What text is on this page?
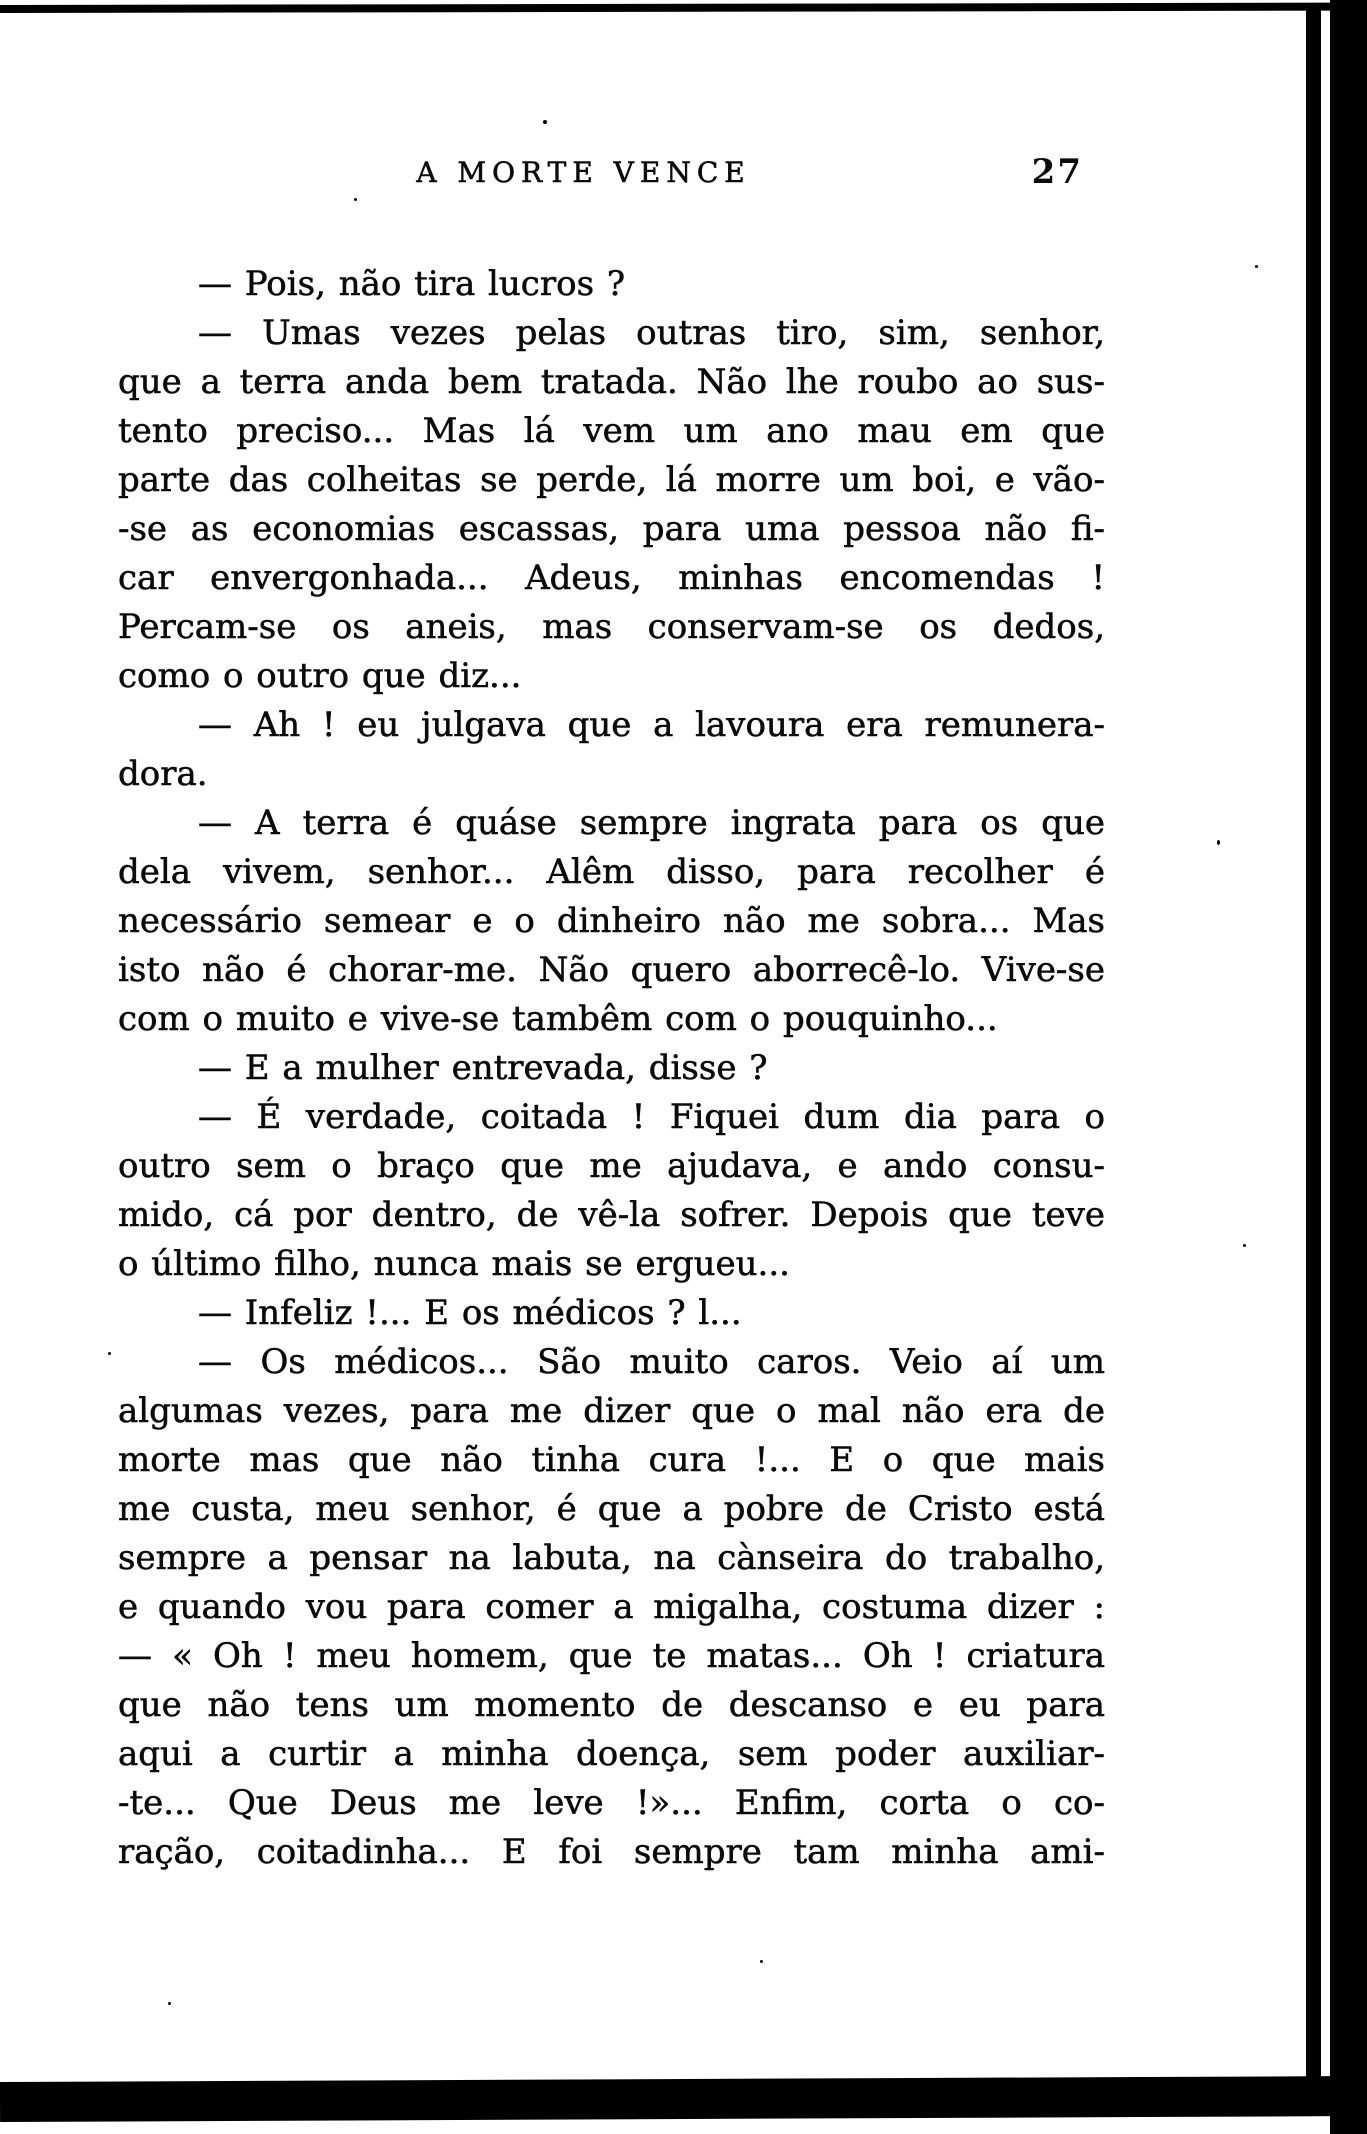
A MORTE VENCE	27
— Pois, não tira lucros ?
— Umas vezes pelas outras tiro, sim, senhor,
que a terra anda bem tratada. Não lhe roubo ao sus-
tento preciso... Mas lá vem um ano mau em que
parte das colheitas se perde, lá morre um boi, e vão-
-se as economias escassas, para uma pessoa não fi-
car envergonhada... Adeus, minhas encomendas !
Percam-se os aneis, mas conservam-se os dedos,
como o outro que diz...
— Ah ! eu julgava que a lavoura era remunera-
dora.
— A terra é quáse sempre ingrata para os que
dela vivem, senhor... Alêm disso, para recolher é
necessário semear e o dinheiro não me sobra... Mas
isto não é chorar-me. Não quero aborrecê-lo. Vive-se
com o muito e vive-se tambêm com o pouquinho...
— E a mulher entrevada, disse ?
— É verdade, coitada ! Fiquei dum dia para o
outro sem o braço que me ajudava, e ando consu-
mido, cá por dentro, de vê-la sofrer. Depois que teve
o último filho, nunca mais se ergueu...
— Infeliz !... E os médicos ? l...
— Os médicos... São muito caros. Veio aí um
algumas vezes, para me dizer que o mal não era de
morte mas que não tinha cura !... E o que mais
me custa, meu senhor, é que a pobre de Cristo está
sempre a pensar na labuta, na cànseira do trabalho,
e quando vou para comer a migalha, costuma dizer :
— « Oh ! meu homem, que te matas... Oh ! criatura
que não tens um momento de descanso e eu para
aqui a curtir a minha doença, sem poder auxiliar-
-te... Que Deus me leve !»... Enfim, corta o co-
ração, coitadinha... E foi sempre tam minha ami-
